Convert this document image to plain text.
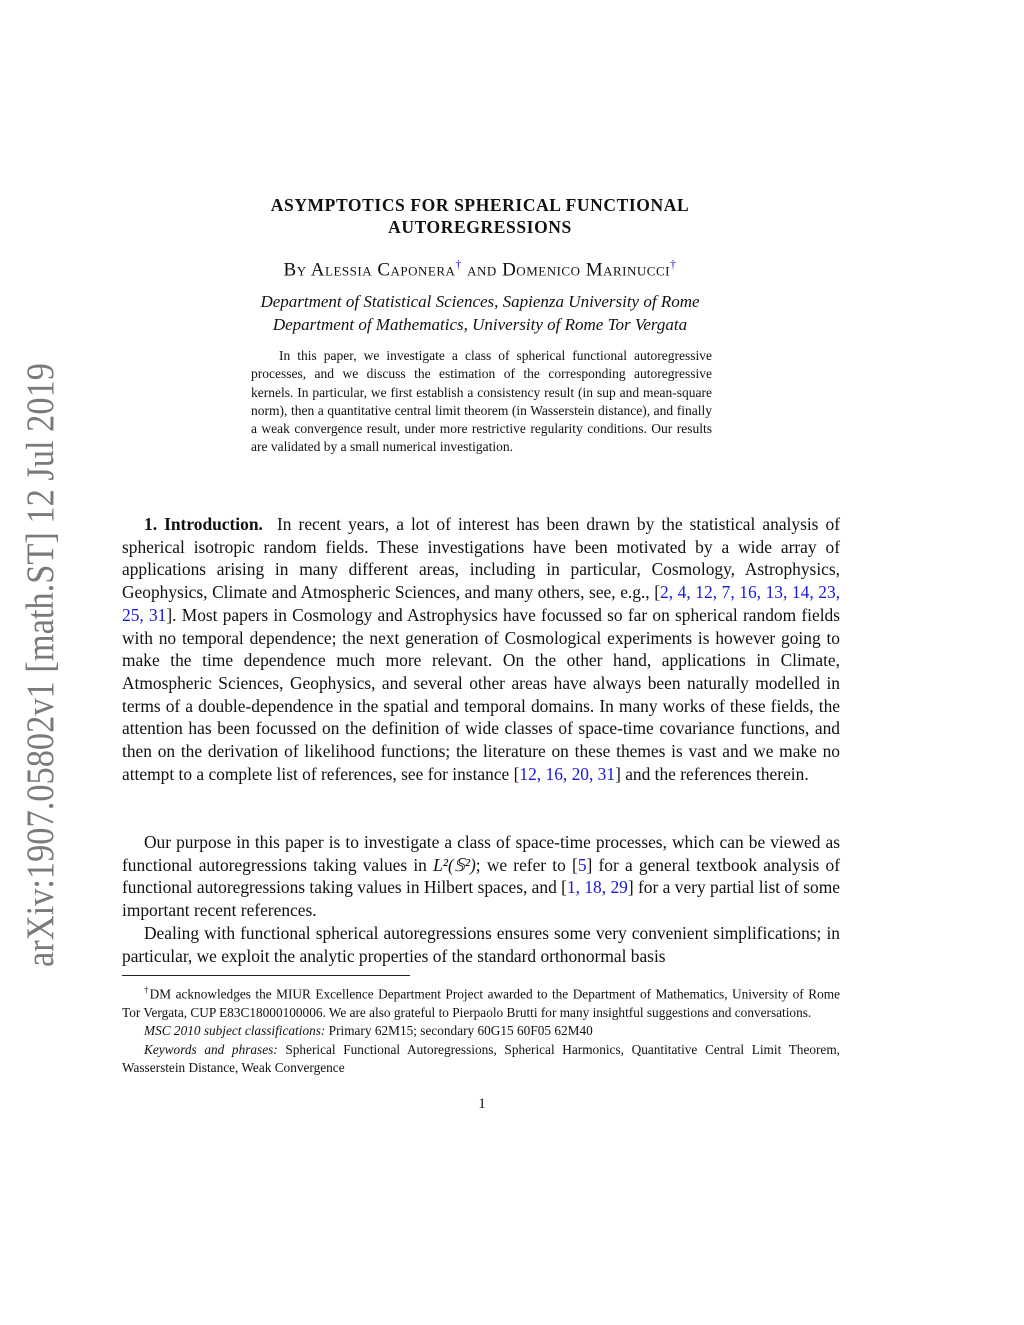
arXiv:1907.05802v1 [math.ST] 12 Jul 2019
ASYMPTOTICS FOR SPHERICAL FUNCTIONAL
AUTOREGRESSIONS
By Alessia Caponera† and Domenico Marinucci†
Department of Statistical Sciences, Sapienza University of Rome
Department of Mathematics, University of Rome Tor Vergata
In this paper, we investigate a class of spherical functional autoregressive processes, and we discuss the estimation of the corresponding autoregressive kernels. In particular, we first establish a consistency result (in sup and mean-square norm), then a quantitative central limit theorem (in Wasserstein distance), and finally a weak convergence result, under more restrictive regularity conditions. Our results are validated by a small numerical investigation.
1. Introduction. In recent years, a lot of interest has been drawn by the statistical analysis of spherical isotropic random fields. These investigations have been motivated by a wide array of applications arising in many different areas, including in particular, Cosmology, Astrophysics, Geophysics, Climate and Atmospheric Sciences, and many others, see, e.g., [2, 4, 12, 7, 16, 13, 14, 23, 25, 31]. Most papers in Cosmology and Astrophysics have focussed so far on spherical random fields with no temporal dependence; the next generation of Cosmological experiments is however going to make the time dependence much more relevant. On the other hand, applications in Climate, Atmospheric Sciences, Geophysics, and several other areas have always been naturally modelled in terms of a double-dependence in the spatial and temporal domains. In many works of these fields, the attention has been focussed on the definition of wide classes of space-time covariance functions, and then on the derivation of likelihood functions; the literature on these themes is vast and we make no attempt to a complete list of references, see for instance [12, 16, 20, 31] and the references therein.
Our purpose in this paper is to investigate a class of space-time processes, which can be viewed as functional autoregressions taking values in L²(𝕊²); we refer to [5] for a general textbook analysis of functional autoregressions taking values in Hilbert spaces, and [1, 18, 29] for a very partial list of some important recent references.
Dealing with functional spherical autoregressions ensures some very convenient simplifications; in particular, we exploit the analytic properties of the standard orthonormal basis

†DM acknowledges the MIUR Excellence Department Project awarded to the Department of Mathematics, University of Rome Tor Vergata, CUP E83C18000100006. We are also grateful to Pierpaolo Brutti for many insightful suggestions and conversations.

MSC 2010 subject classifications: Primary 62M15; secondary 60G15 60F05 62M40

Keywords and phrases: Spherical Functional Autoregressions, Spherical Harmonics, Quantitative Central Limit Theorem, Wasserstein Distance, Weak Convergence

1
